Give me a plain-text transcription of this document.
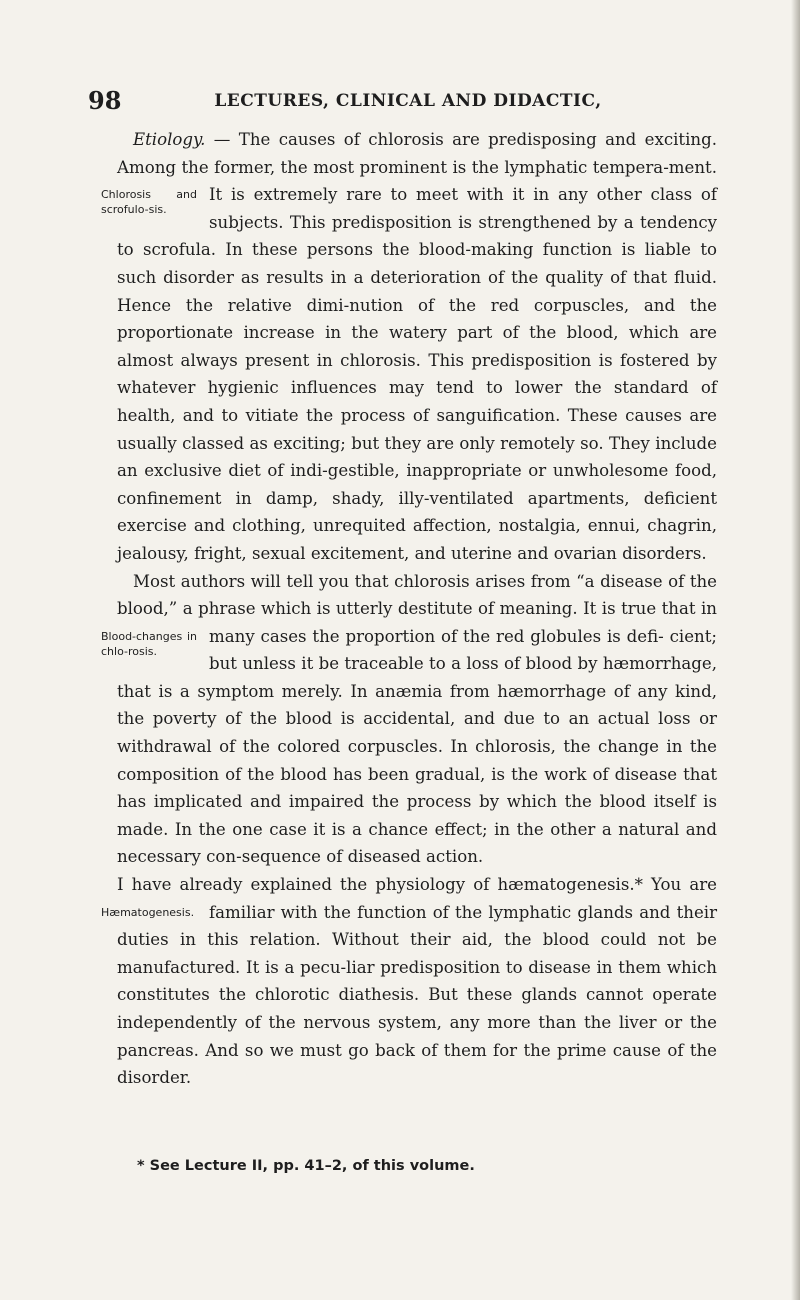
98	LECTURES, CLINICAL AND DIDACTIC,

Etiology. — The causes of chlorosis are predisposing and exciting. Among the former, the most prominent is the lymphatic tempera-ment. It is extremely rare to meet with it in any other class of
Chlorosis and scrofulo-sis.
subjects. This predisposition is strengthened by a tendency to scrofula. In these persons the blood-making function is liable to such disorder as results in a deterioration of the quality of that fluid. Hence the relative dimi-nution of the red corpuscles, and the proportionate increase in the watery part of the blood, which are almost always present in chlorosis. This predisposition is fostered by whatever hygienic influences may tend to lower the standard of health, and to vitiate the process of sanguification. These causes are usually classed as exciting; but they are only remotely so. They include an exclusive diet of indi-gestible, inappropriate or unwholesome food, confinement in damp, shady, illy-ventilated apartments, deficient exercise and clothing, unrequited affection, nostalgia, ennui, chagrin, jealousy, fright, sexual excitement, and uterine and ovarian disorders.

Most authors will tell you that chlorosis arises from “a disease of the blood,” a phrase which is utterly destitute of meaning. It is true that in many cases the proportion of the red globules is defi-
Blood-changes in chlo-rosis.
cient; but unless it be traceable to a loss of blood by hæmorrhage, that is a symptom merely. In anæmia from hæmorrhage of any kind, the poverty of the blood is accidental, and due to an actual loss or withdrawal of the colored corpuscles. In chlorosis, the change in the composition of the blood has been gradual, is the work of disease that has implicated and impaired the process by which the blood itself is made. In the one case it is a chance effect; in the other a natural and necessary con-sequence of diseased action.

I have already explained the physiology of hæmatogenesis.* You are familiar with the function of the lymphatic glands and their
Hæmatogenesis.
duties in this relation. Without their aid, the blood could not be manufactured. It is a pecu-liar predisposition to disease in them which constitutes the chlorotic diathesis. But these glands cannot operate independently of the nervous system, any more than the liver or the pancreas. And so we must go back of them for the prime cause of the disorder.

* See Lecture II, pp. 41–2, of this volume.
